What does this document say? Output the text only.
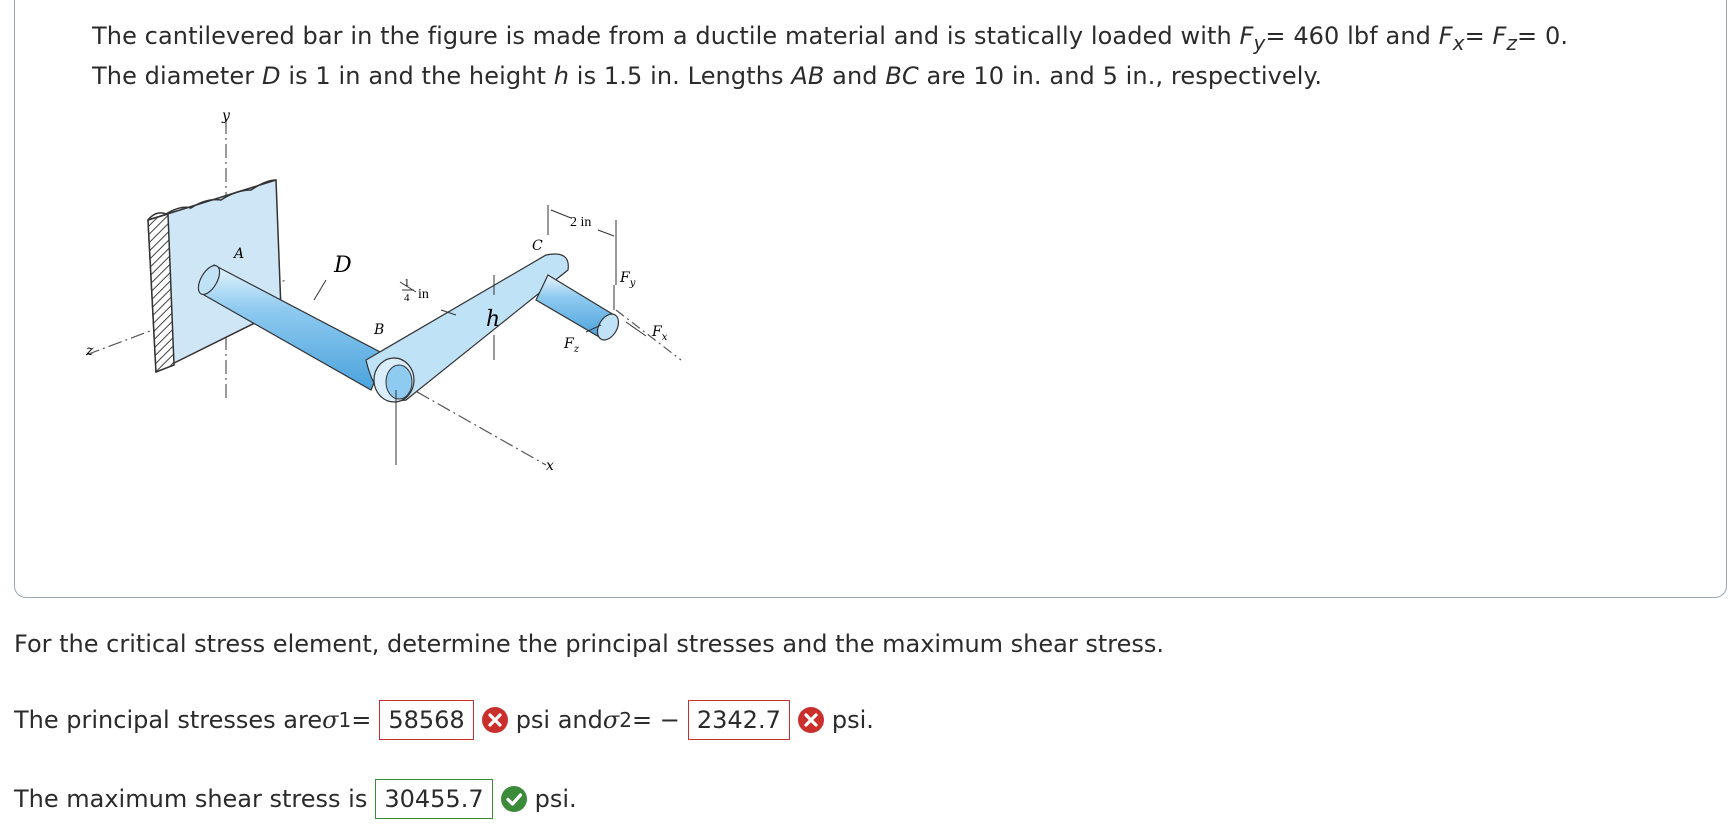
The cantilevered bar in the figure is made from a ductile material and is statically loaded with $F_y= 460$ lbf and $F_x= F_z= 0$.
The diameter D is 1 in and the height h is 1.5 in. Lengths AB and BC are 10 in. and 5 in., respectively.
y
z
x
A
B
C
D
h
1
4 in
2 in
$F_y$
$F_x$
$F_z$
For the critical stress element, determine the principal stresses and the maximum shear stress.
The principal stresses are σ 1 = 58568	psi and σ 2 = − 2342.7	psi.
The maximum shear stress is 30455.7	psi.
